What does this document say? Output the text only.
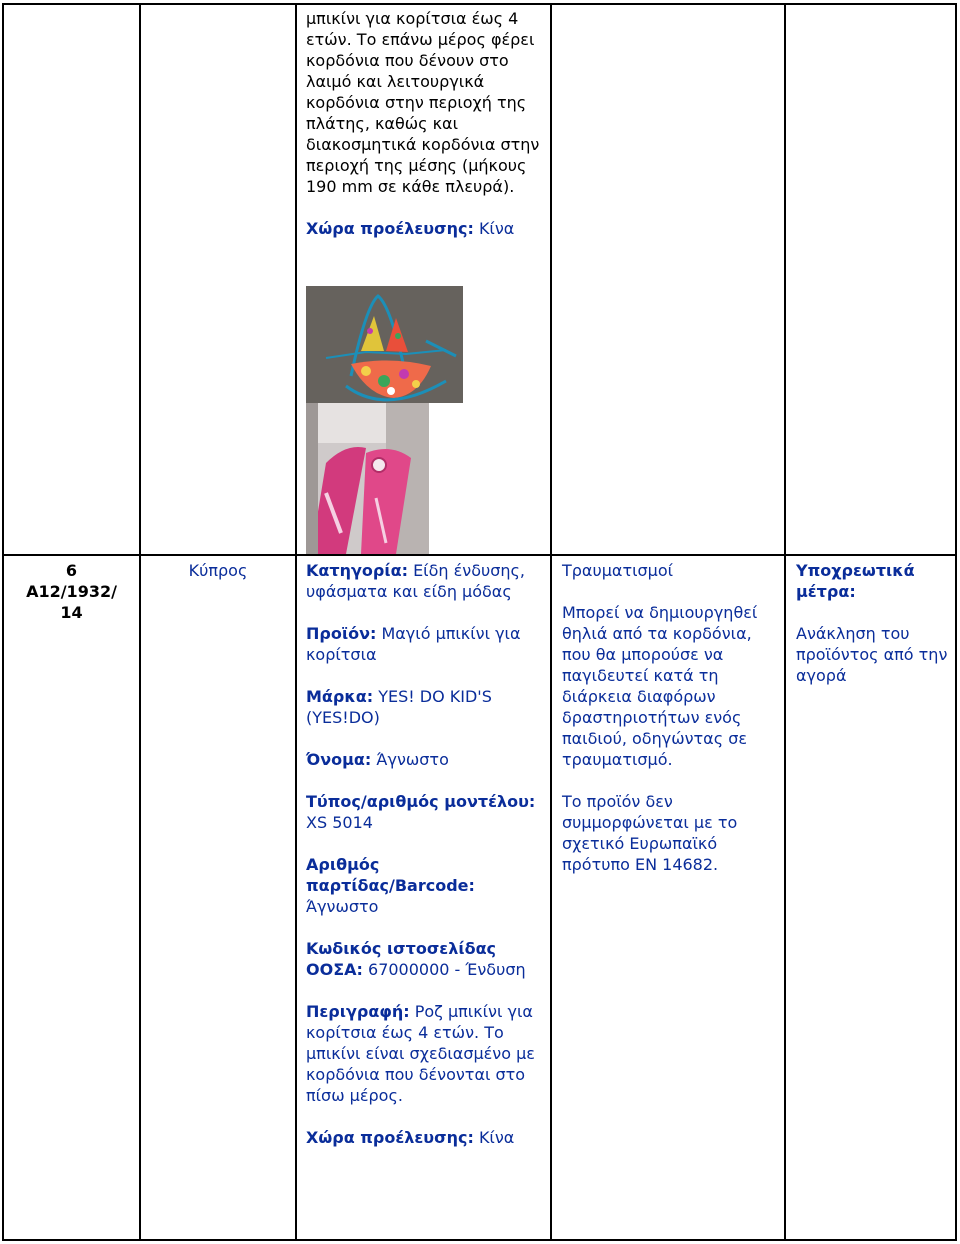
μπικίνι για κορίτσια έως 4 ετών. Το επάνω μέρος φέρει κορδόνια που δένουν στο λαιμό και λειτουργικά κορδόνια στην περιοχή της πλάτης, καθώς και διακοσμητικά κορδόνια στην περιοχή της μέσης (μήκους 190 mm σε κάθε πλευρά).

Χώρα προέλευσης: Κίνα

6

A12/1932/ 14

Κύπρος	Κατηγορία: Είδη ένδυσης, υφάσματα και είδη μόδας

Προϊόν: Μαγιό μπικίνι για κορίτσια

Μάρκα: YES! DO KID'S (YES!DO)

Όνομα: Άγνωστο

Τύπος/αριθμός μοντέλου: XS 5014

Αριθμός παρτίδας/Barcode: Άγνωστο

Κωδικός ιστοσελίδας ΟΟΣΑ: 67000000 - Ένδυση

Περιγραφή: Ροζ μπικίνι για κορίτσια έως 4 ετών. Το μπικίνι είναι σχεδιασμένο με κορδόνια που δένονται στο πίσω μέρος.

Χώρα προέλευσης: Κίνα

Τραυματισμοί

Μπορεί να δημιουργηθεί θηλιά από τα κορδόνια, που θα μπορούσε να παγιδευτεί κατά τη διάρκεια διαφόρων δραστηριοτήτων ενός παιδιού, οδηγώντας σε τραυματισμό.

Το προϊόν δεν συμμορφώνεται με το σχετικό Ευρωπαϊκό πρότυπο EN 14682.

Υποχρεωτικά μέτρα:

Ανάκληση του προϊόντος από την αγορά
